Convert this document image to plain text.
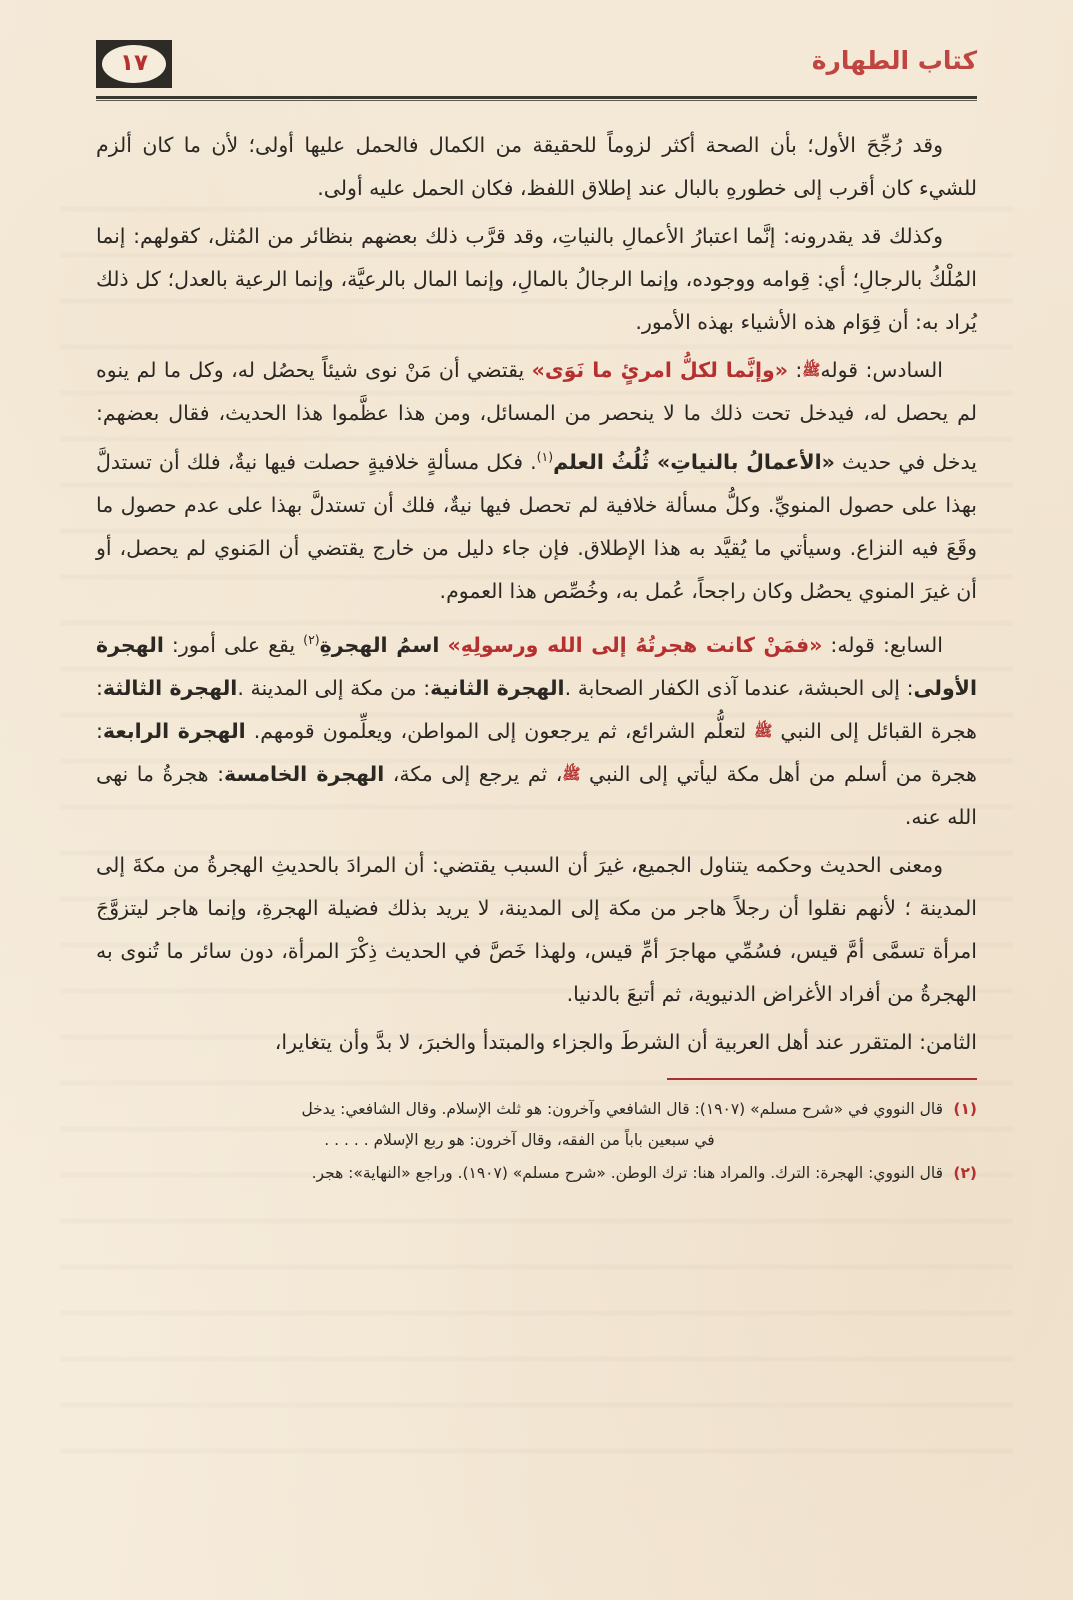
١٧	كتاب الطهارة

وقد رُجِّحَ الأول؛ بأن الصحة أكثر لزوماً للحقيقة من الكمال فالحمل عليها أولى؛ لأن ما كان ألزم للشيء كان أقرب إلى خطورهِ بالبال عند إطلاق اللفظ، فكان الحمل عليه أولى.

وكذلك قد يقدرونه: إنَّما اعتبارُ الأعمالِ بالنياتِ، وقد قرَّب ذلك بعضهم بنظائر من المُثل، كقولهم: إنما المُلْكُ بالرجالِ؛ أي: قِوامه ووجوده، وإنما الرجالُ بالمالِ، وإنما المال بالرعيَّة، وإنما الرعية بالعدل؛ كل ذلك يُراد به: أن قِوَام هذه الأشياء بهذه الأمور.

السادس: قولهﷺ: «وإنَّما لكلُّ امرئٍ ما نَوَى» يقتضي أن مَنْ نوى شيئاً يحصُل له، وكل ما لم ينوه لم يحصل له، فيدخل تحت ذلك ما لا ينحصر من المسائل، ومن هذا عظَّموا هذا الحديث، فقال بعضهم: يدخل في حديث «الأعمالُ بالنياتِ» ثُلُثُ العلم$^{(١)}$. فكل مسألةٍ خلافيةٍ حصلت فيها نيةٌ، فلك أن تستدلَّ بهذا على حصول المنويِّ. وكلُّ مسألة خلافية لم تحصل فيها نيةٌ، فلك أن تستدلَّ بهذا على عدم حصول ما وقَعَ فيه النزاع. وسيأتي ما يُقيَّد به هذا الإطلاق. فإن جاء دليل من خارج يقتضي أن المَنوي لم يحصل، أو أن غيرَ المنوي يحصُل وكان راجحاً، عُمل به، وخُصِّص هذا العموم.

السابع: قوله: «فمَنْ كانت هجرتُهُ إلى الله ورسولِهِ» اسمُ الهجرةِ$^{(٢)}$ يقع على أمور: الهجرة الأولى: إلى الحبشة، عندما آذى الكفار الصحابة .الهجرة الثانية: من مكة إلى المدينة .الهجرة الثالثة: هجرة القبائل إلى النبي ﷺ لتعلُّم الشرائع، ثم يرجعون إلى المواطن، ويعلِّمون قومهم. الهجرة الرابعة: هجرة من أسلم من أهل مكة ليأتي إلى النبي ﷺ، ثم يرجع إلى مكة، الهجرة الخامسة: هجرةُ ما نهى الله عنه.

ومعنى الحديث وحكمه يتناول الجميع، غيرَ أن السبب يقتضي: أن المرادَ بالحديثِ الهجرةُ من مكةَ إلى المدينة ؛ لأنهم نقلوا أن رجلاً هاجر من مكة إلى المدينة، لا يريد بذلك فضيلة الهجرةِ، وإنما هاجر ليتزوَّجَ امرأة تسمَّى أمَّ قيس، فسُمِّي مهاجرَ أمِّ قيس، ولهذا خَصَّ في الحديث ذِكْرَ المرأة، دون سائر ما تُنوى به الهجرةُ من أفراد الأغراض الدنيوية، ثم أتبعَ بالدنيا.

الثامن: المتقرر عند أهل العربية أن الشرطَ والجزاء والمبتدأ والخبرَ، لا بدَّ وأن يتغايرا،

(١)
قال النووي في «شرح مسلم» (١٩٠٧): قال الشافعي وآخرون: هو ثلث الإسلام. وقال الشافعي: يدخل
في سبعين باباً من الفقه، وقال آخرون: هو ربع الإسلام . . . . .
(٢)
قال النووي: الهجرة: الترك. والمراد هنا: ترك الوطن. «شرح مسلم» (١٩٠٧). وراجع «النهاية»: هجر.
